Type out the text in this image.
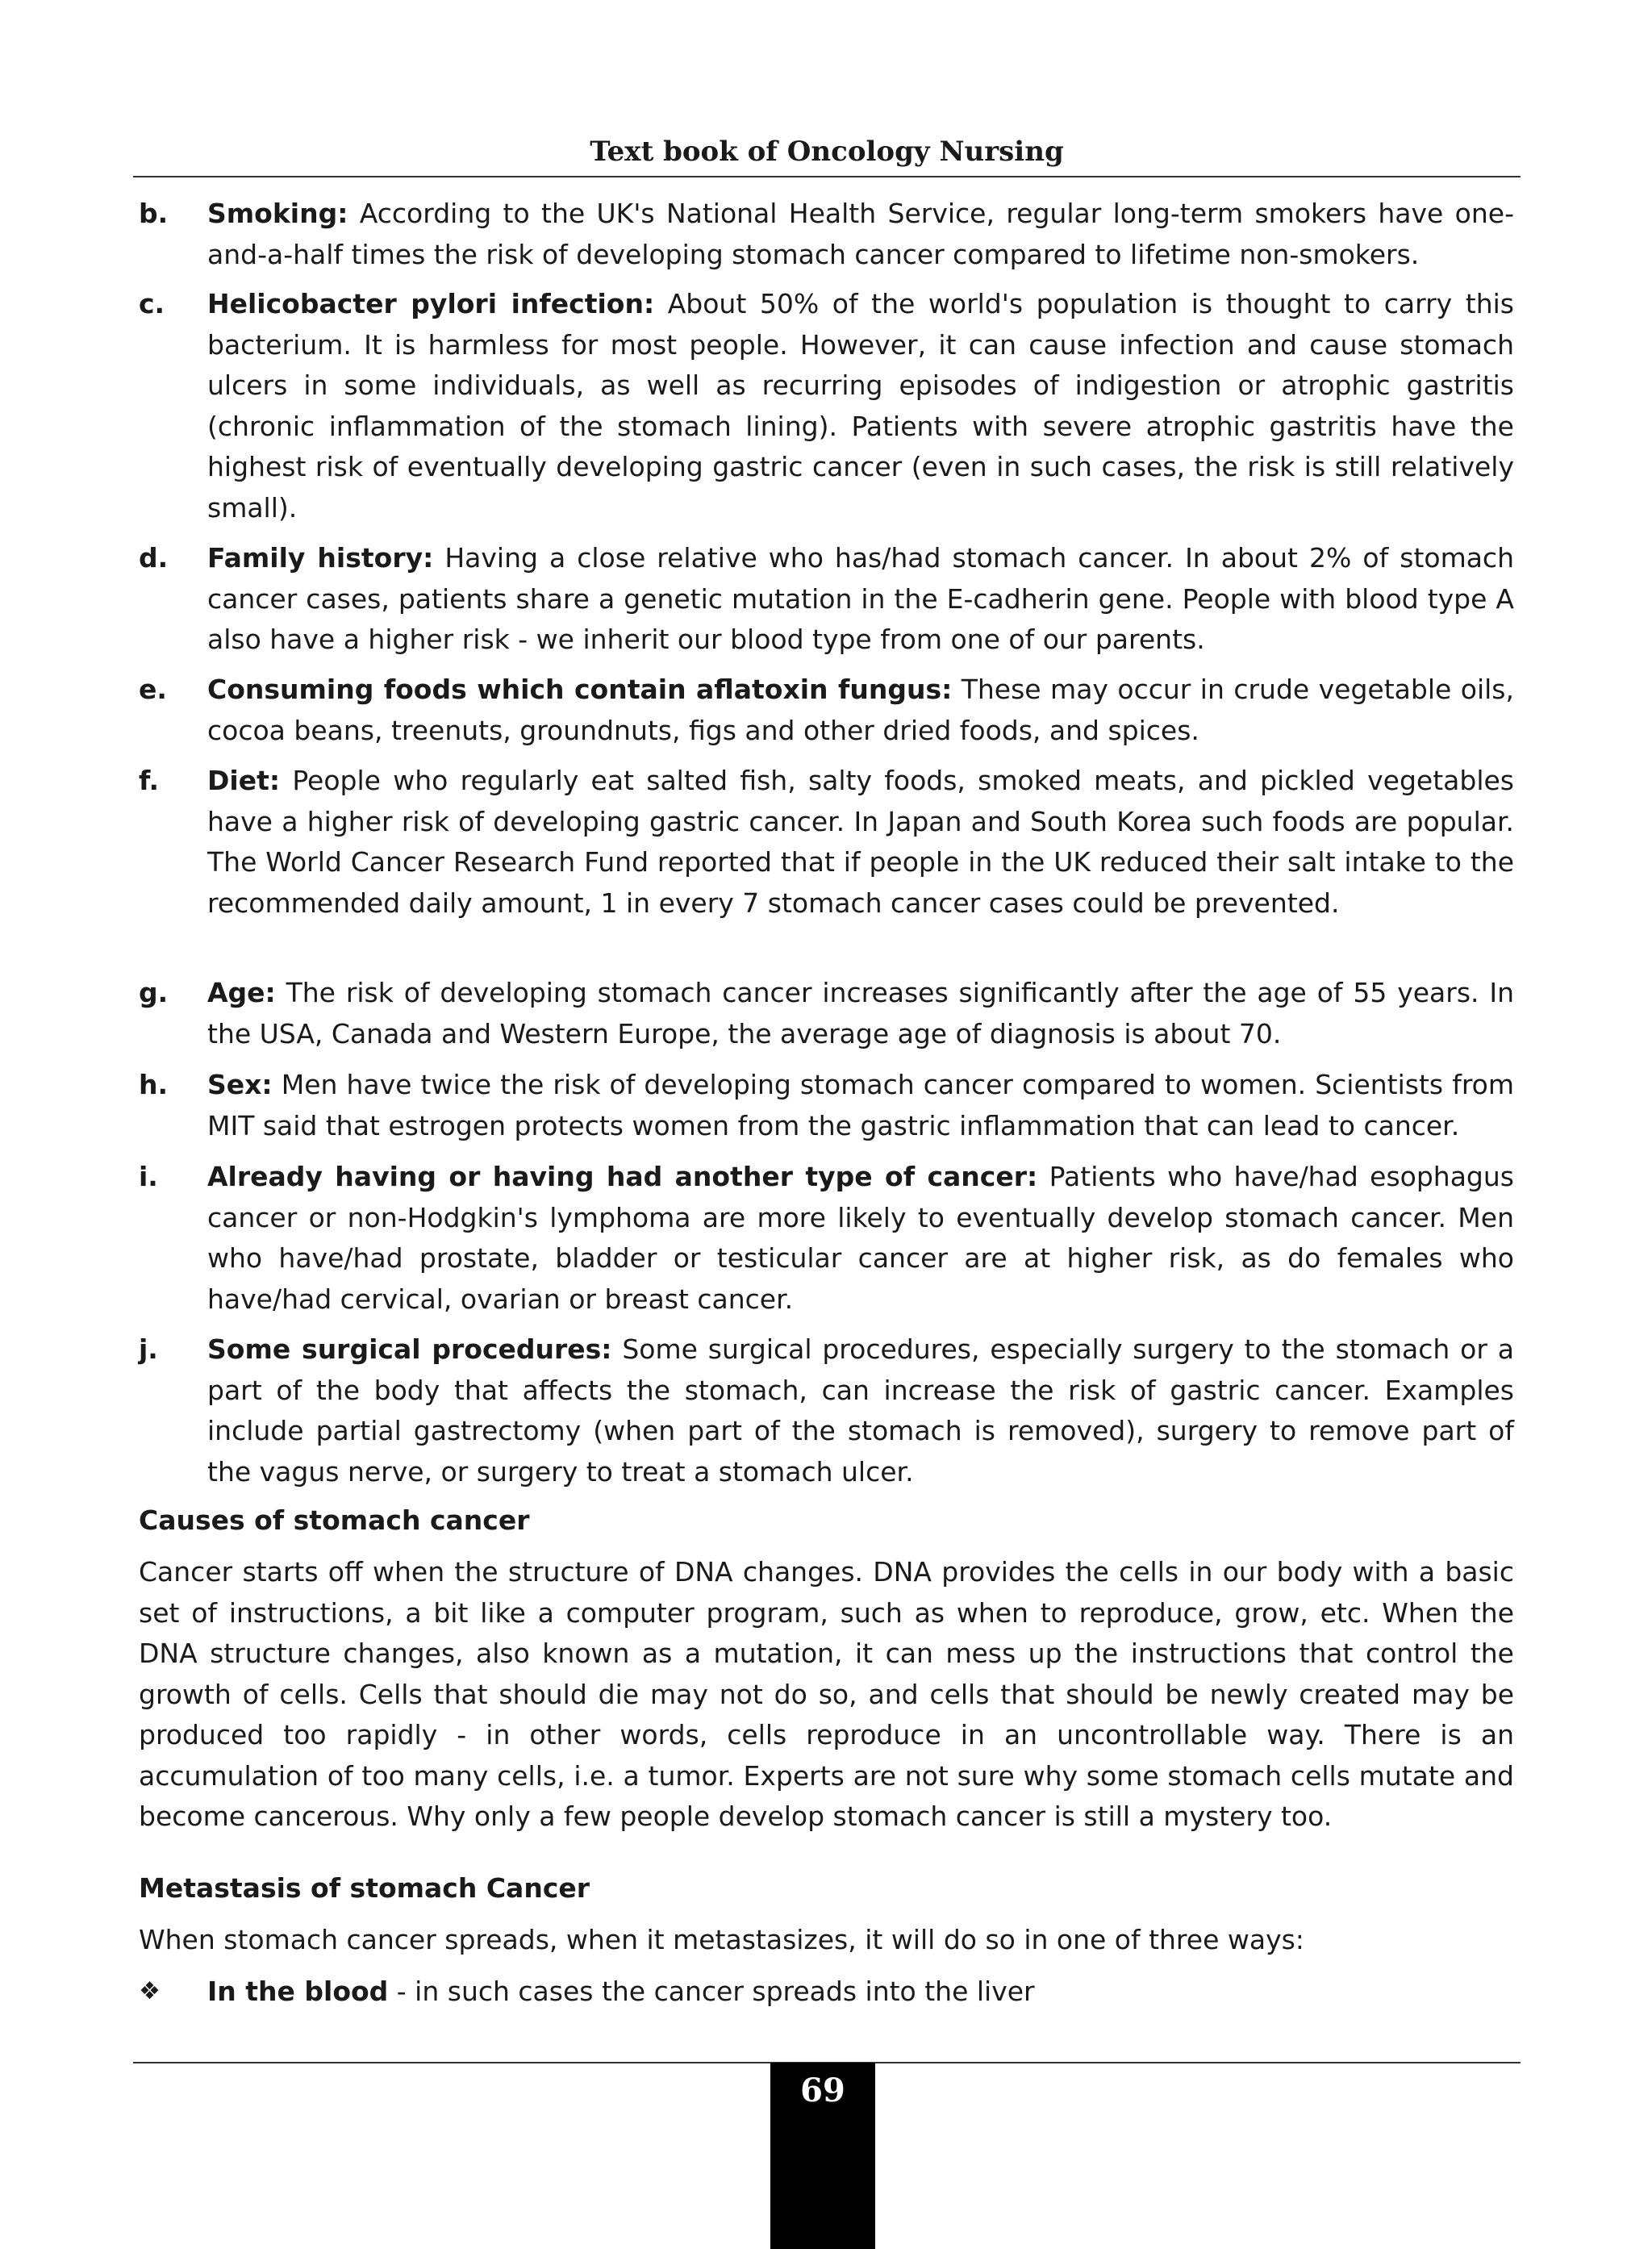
Text book of Oncology Nursing
b. Smoking: According to the UK's National Health Service, regular long-term smokers have one-and-a-half times the risk of developing stomach cancer compared to lifetime non-smokers.
c. Helicobacter pylori infection: About 50% of the world's population is thought to carry this bacterium. It is harmless for most people. However, it can cause infection and cause stomach ulcers in some individuals, as well as recurring episodes of indigestion or atrophic gastritis (chronic inflammation of the stomach lining). Patients with severe atrophic gastritis have the highest risk of eventually developing gastric cancer (even in such cases, the risk is still relatively small).
d. Family history: Having a close relative who has/had stomach cancer. In about 2% of stomach cancer cases, patients share a genetic mutation in the E-cadherin gene. People with blood type A also have a higher risk - we inherit our blood type from one of our parents.
e. Consuming foods which contain aflatoxin fungus: These may occur in crude vegetable oils, cocoa beans, treenuts, groundnuts, figs and other dried foods, and spices.
f. Diet: People who regularly eat salted fish, salty foods, smoked meats, and pickled vegetables have a higher risk of developing gastric cancer. In Japan and South Korea such foods are popular. The World Cancer Research Fund reported that if people in the UK reduced their salt intake to the recommended daily amount, 1 in every 7 stomach cancer cases could be prevented.
g. Age: The risk of developing stomach cancer increases significantly after the age of 55 years. In the USA, Canada and Western Europe, the average age of diagnosis is about 70.
h. Sex: Men have twice the risk of developing stomach cancer compared to women. Scientists from MIT said that estrogen protects women from the gastric inflammation that can lead to cancer.
i. Already having or having had another type of cancer: Patients who have/had esophagus cancer or non-Hodgkin's lymphoma are more likely to eventually develop stomach cancer. Men who have/had prostate, bladder or testicular cancer are at higher risk, as do females who have/had cervical, ovarian or breast cancer.
j. Some surgical procedures: Some surgical procedures, especially surgery to the stomach or a part of the body that affects the stomach, can increase the risk of gastric cancer. Examples include partial gastrectomy (when part of the stomach is removed), surgery to remove part of the vagus nerve, or surgery to treat a stomach ulcer.
Causes of stomach cancer
Cancer starts off when the structure of DNA changes. DNA provides the cells in our body with a basic set of instructions, a bit like a computer program, such as when to reproduce, grow, etc. When the DNA structure changes, also known as a mutation, it can mess up the instructions that control the growth of cells. Cells that should die may not do so, and cells that should be newly created may be produced too rapidly - in other words, cells reproduce in an uncontrollable way. There is an accumulation of too many cells, i.e. a tumor. Experts are not sure why some stomach cells mutate and become cancerous. Why only a few people develop stomach cancer is still a mystery too.
Metastasis of stomach Cancer
When stomach cancer spreads, when it metastasizes, it will do so in one of three ways:
❖ In the blood - in such cases the cancer spreads into the liver
69
